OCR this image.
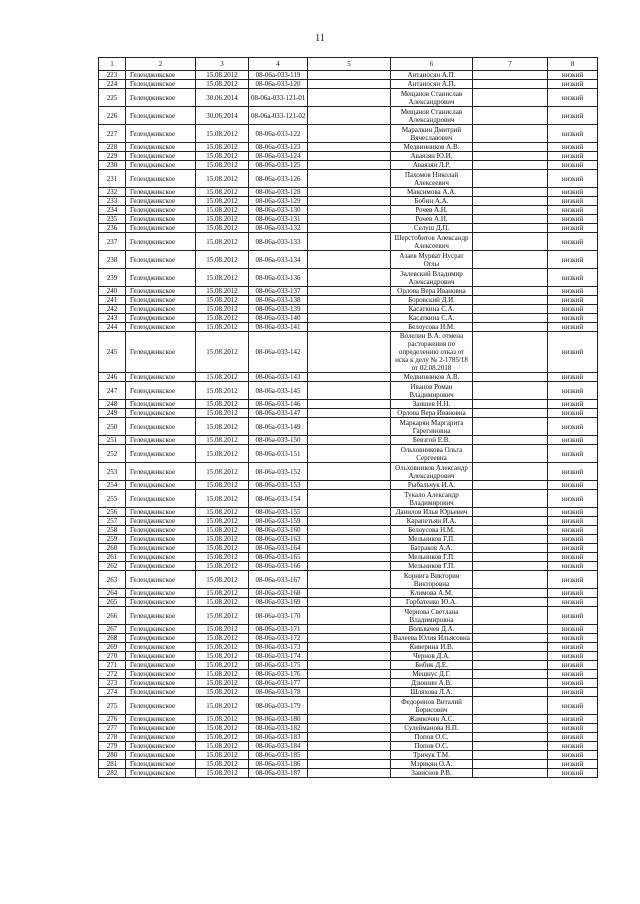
11
1	2	3	4	5	6	7	8
223	Геленджикское	15.08.2012	08-06а-033-119		Антаносян А.П.		низкий
224	Геленджикское	15.08.2012	08-06а-033-120		Антаносян А.П.		низкий
225	Геленджикское	30.06.2014	08-06а-033-121-01		Мещанов Станислав Александрович		низкий
226	Геленджикское	30.06.2014	08-06а-033-121-02		Мещанов Станислав Александрович		низкий
227	Геленджикское	15.08.2012	08-06а-033-122		Маралкин Дмитрий Вячеславович		низкий
228	Геленджикское	15.08.2012	08-06а-033-123		Медвинников А.В.		низкий
229	Геленджикское	15.08.2012	08-06а-033-124		Аваязян Ю.И.		низкий
230	Геленджикское	15.08.2012	08-06а-033-125		Аваязян Л.Р.		низкий
231	Геленджикское	15.08.2012	08-06а-033-126		Пахомов Николай Алексеевич		низкий
232	Геленджикское	15.08.2012	08-06а-033-128		Максимова А.А.		низкий
233	Геленджикское	15.08.2012	08-06а-033-129		Бобин А.А.		низкий
234	Геленджикское	15.08.2012	08-06а-033-130		Рочев А.Н.		низкий
235	Геленджикское	15.08.2012	08-06а-033-131		Рочев А.Н.		низкий
236	Геленджикское	15.08.2012	08-06а-033-132		Селуш Д.П.		низкий
237	Геленджикское	15.08.2012	08-06а-033-133		Шерстобитов Александр Алексеевич		низкий
238	Геленджикское	15.08.2012	08-06а-033-134		Азаев Мурват Нусрат Оглы		низкий
239	Геленджикское	15.08.2012	08-06а-033-136		Залевский Владимир Александрович		низкий
240	Геленджикское	15.08.2012	08-06а-033-137		Орлова Вера Ивановна		низкий
241	Геленджикское	15.08.2012	08-06а-033-138		Боровский Д.И.		низкий
242	Геленджикское	15.08.2012	08-06а-033-139		Касаткина С.А.		низкий
243	Геленджикское	15.08.2012	08-06а-033-140		Касаткина С.А.		низкий
244	Геленджикское	15.08.2012	08-06а-033-141		Белоусова Н.М.		низкий
245	Геленджикское	15.08.2012	08-06а-033-142		Волелин В.А. отмена расторжения по определению отказ от иска к делу № 2-1785/18 от 02.08.2018		низкий
246	Геленджикское	15.08.2012	08-06а-033-143		Медвинников А.В.		низкий
247	Геленджикское	15.08.2012	08-06а-033-145		Иванов Роман Владимирович		низкий
248	Геленджикское	15.08.2012	08-06а-033-146		Заишев Н.Н.		низкий
249	Геленджикское	15.08.2012	08-06а-033-147		Орлова Вера Ивановна		низкий
250	Геленджикское	15.08.2012	08-06а-033-149		Маркарян Маргарита Гарегиновна		низкий
251	Геленджикское	15.08.2012	08-06а-033-150		Бевзгой Е.В.		низкий
252	Геленджикское	15.08.2012	08-06а-033-151		Ольховникова Ольга Сергеевна		низкий
253	Геленджикское	15.08.2012	08-06а-033-152		Ольховников Александр Александрович		низкий
254	Геленджикское	15.08.2012	08-06а-033-153		Рыбальчук И.А.		низкий
255	Геленджикское	15.08.2012	08-06а-033-154		Тукало Александр Владимирович		низкий
256	Геленджикское	15.08.2012	08-06а-033-155		Данилов Илья Юрьевич		низкий
257	Геленджикское	15.08.2012	08-06а-033-159		Карапетьян И.А.		низкий
258	Геленджикское	15.08.2012	08-06а-033-160		Белоусова Н.М.		низкий
259	Геленджикское	15.08.2012	08-06а-033-163		Мельников Г.П.		низкий
260	Геленджикское	15.08.2012	08-06а-033-164		Батраков А.А.		низкий
261	Геленджикское	15.08.2012	08-06а-033-165		Мельников Г.П.		низкий
262	Геленджикское	15.08.2012	08-06а-033-166		Мельников Г.П.		низкий
263	Геленджикское	15.08.2012	08-06а-033-167		Корнига Виктория Викторовна		низкий
264	Геленджикское	15.08.2012	08-06а-033-168		Климова А.М.		низкий
265	Геленджикское	15.08.2012	08-06а-033-169		Горбатенко Ю.А.		низкий
266	Геленджикское	15.08.2012	08-06а-033-170		Чернова Светлана Владимировна		низкий
267	Геленджикское	15.08.2012	08-06а-033-171		Вольвачев Д.А.		низкий
268	Геленджикское	15.08.2012	08-06а-033-172		Валеева Юлия Ильясовна		низкий
269	Геленджикское	15.08.2012	08-06а-033-173		Киверина И.В.		низкий
270	Геленджикское	15.08.2012	08-06а-033-174		Чернов Д.А.		низкий
271	Геленджикское	15.08.2012	08-06а-033-175		Бибик Д.Е.		низкий
272	Геленджикское	15.08.2012	08-06а-033-176		Мешнус Д.Г.		низкий
273	Геленджикское	15.08.2012	08-06а-033-177		Дзюшин А.В.		низкий
274	Геленджикское	15.08.2012	08-06а-033-178		Шляхова Л.А.		низкий
275	Геленджикское	15.08.2012	08-06а-033-179		Федоринов Виталий Борисович		низкий
276	Геленджикское	15.08.2012	08-06а-033-180		Жамкочян А.С.		низкий
277	Геленджикское	15.08.2012	08-06а-033-182		Сулейманова Н.П.		низкий
278	Геленджикское	15.08.2012	08-06а-033-183		Попов О.С.		низкий
279	Геленджикское	15.08.2012	08-06а-033-184		Попов О.С.		низкий
280	Геленджикское	15.08.2012	08-06а-033-185		Тричук Т.М.		низкий
281	Геленджикское	15.08.2012	08-06а-033-186		Мзрикян О.А.		низкий
282	Геленджикское	15.08.2012	08-06а-033-187		Зависнов Р.В.		низкий
